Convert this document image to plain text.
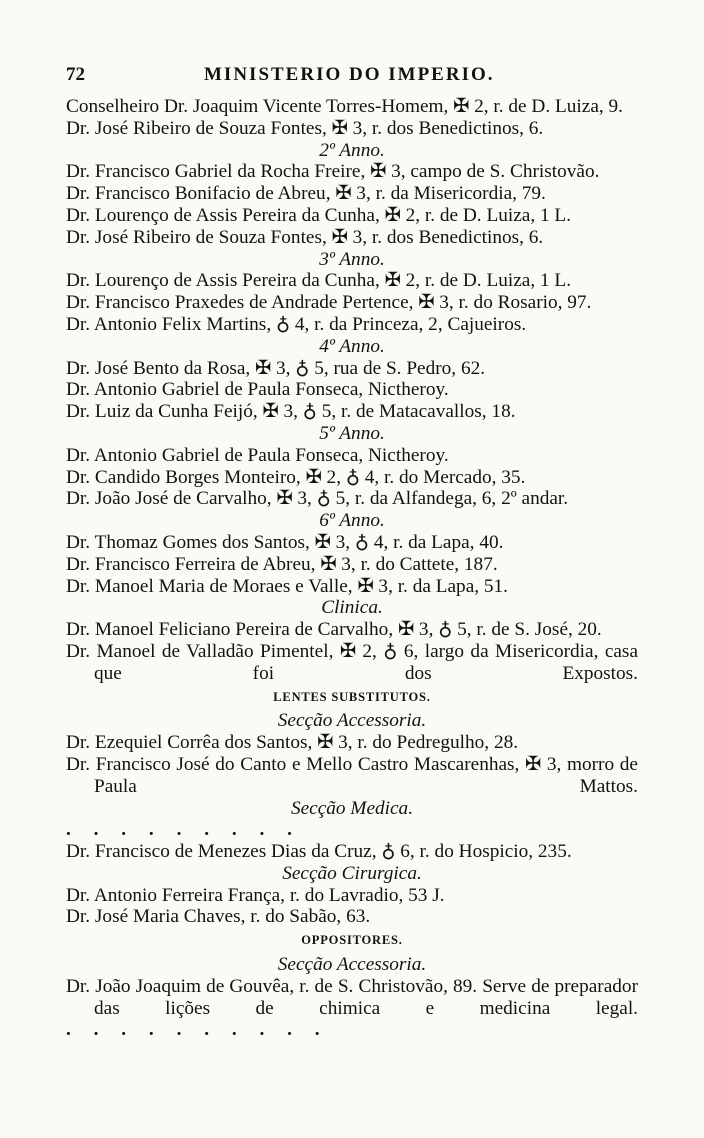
72	MINISTERIO DO IMPERIO.

Conselheiro Dr. Joaquim Vicente Torres-Homem, ✠ 2, r. de D. Luiza, 9.

Dr. José Ribeiro de Souza Fontes, ✠ 3, r. dos Benedictinos, 6.

2º Anno.

Dr. Francisco Gabriel da Rocha Freire, ✠ 3, campo de S. Christovão.

Dr. Francisco Bonifacio de Abreu, ✠ 3, r. da Misericordia, 79.

Dr. Lourenço de Assis Pereira da Cunha, ✠ 2, r. de D. Luiza, 1 L.

Dr. José Ribeiro de Souza Fontes, ✠ 3, r. dos Benedictinos, 6.

3º Anno.

Dr. Lourenço de Assis Pereira da Cunha, ✠ 2, r. de D. Luiza, 1 L.

Dr. Francisco Praxedes de Andrade Pertence, ✠ 3, r. do Rosario, 97.

Dr. Antonio Felix Martins, ♁ 4, r. da Princeza, 2, Cajueiros.

4º Anno.

Dr. José Bento da Rosa, ✠ 3, ♁ 5, rua de S. Pedro, 62.

Dr. Antonio Gabriel de Paula Fonseca, Nictheroy.

Dr. Luiz da Cunha Feijó, ✠ 3, ♁ 5, r. de Matacavallos, 18.

5º Anno.

Dr. Antonio Gabriel de Paula Fonseca, Nictheroy.

Dr. Candido Borges Monteiro, ✠ 2, ♁ 4, r. do Mercado, 35.

Dr. João José de Carvalho, ✠ 3, ♁ 5, r. da Alfandega, 6, 2º andar.

6º Anno.

Dr. Thomaz Gomes dos Santos, ✠ 3, ♁ 4, r. da Lapa, 40.

Dr. Francisco Ferreira de Abreu, ✠ 3, r. do Cattete, 187.

Dr. Manoel Maria de Moraes e Valle, ✠ 3, r. da Lapa, 51.

Clinica.

Dr. Manoel Feliciano Pereira de Carvalho, ✠ 3, ♁ 5, r. de S. José, 20.

Dr. Manoel de Valladão Pimentel, ✠ 2, ♁ 6, largo da Misericordia, casa que foi dos Expostos.

LENTES SUBSTITUTOS.

Secção Accessoria.

Dr. Ezequiel Corrêa dos Santos, ✠ 3, r. do Pedregulho, 28.

Dr. Francisco José do Canto e Mello Castro Mascarenhas, ✠ 3, morro de Paula Mattos.

Secção Medica.

. . . . . . . . .

Dr. Francisco de Menezes Dias da Cruz, ♁ 6, r. do Hospicio, 235.

Secção Cirurgica.

Dr. Antonio Ferreira França, r. do Lavradio, 53 J.

Dr. José Maria Chaves, r. do Sabão, 63.

OPPOSITORES.

Secção Accessoria.

Dr. João Joaquim de Gouvêa, r. de S. Christovão, 89. Serve de preparador das lições de chimica e medicina legal.

. . . . . . . . . .
